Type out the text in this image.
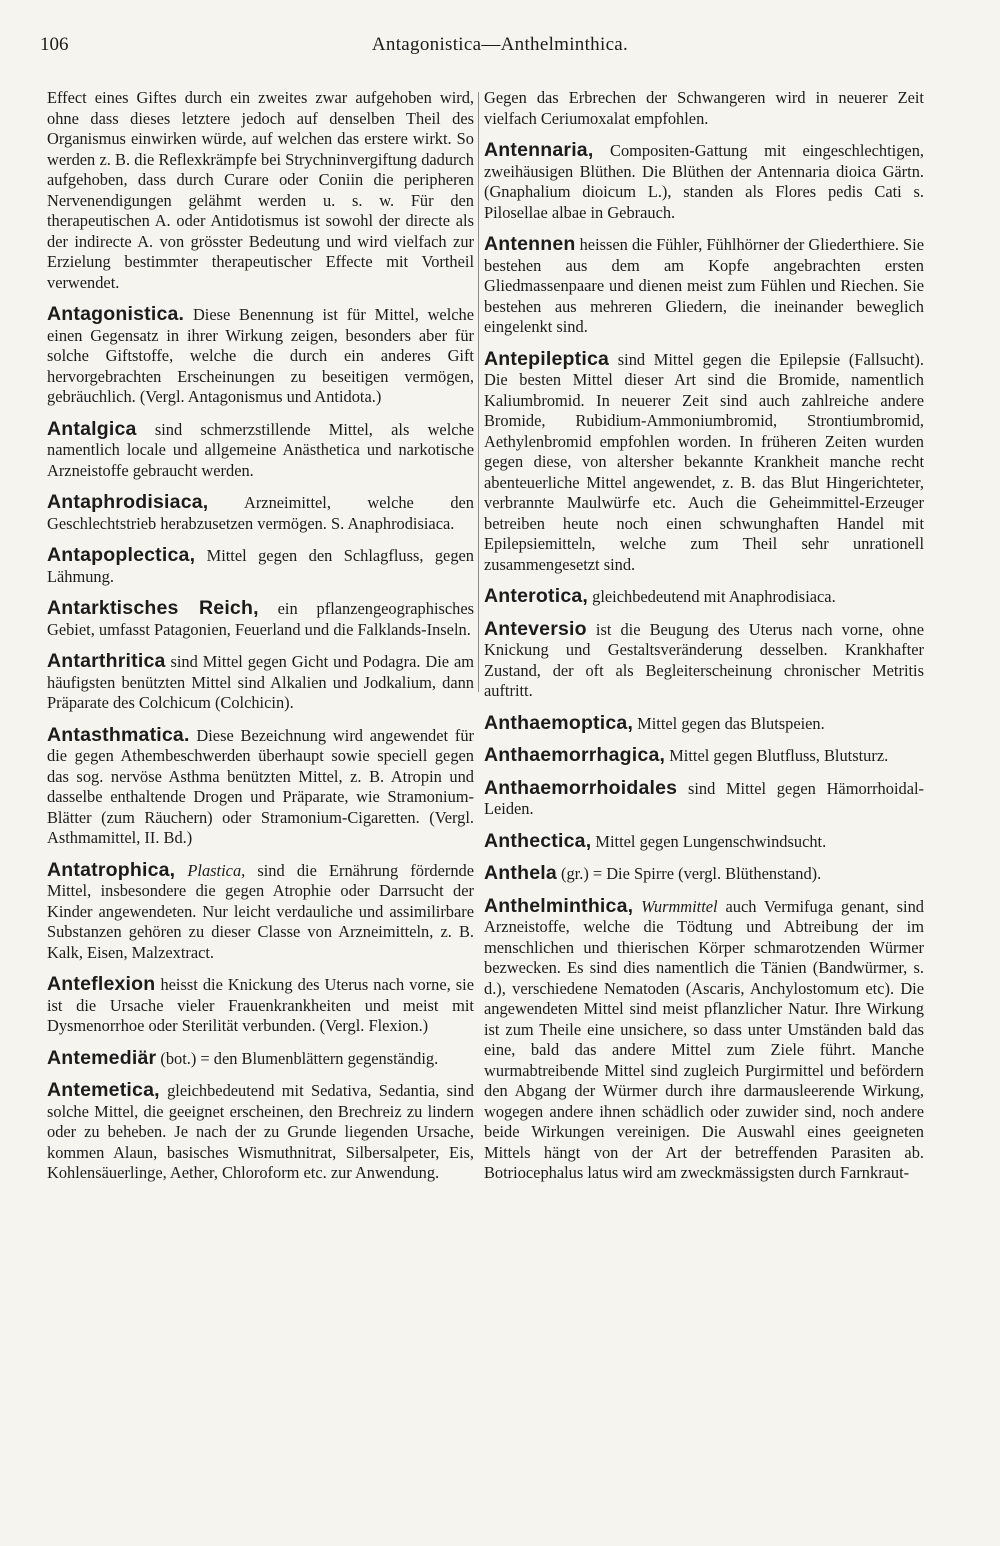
106	Antagonistica—Anthelminthica.

Effect eines Giftes durch ein zweites zwar aufgehoben wird, ohne dass dieses letztere jedoch auf denselben Theil des Organismus einwirken würde, auf welchen das erstere wirkt. So werden z. B. die Reflexkrämpfe bei Strychninvergiftung dadurch aufgehoben, dass durch Curare oder Coniin die peripheren Nervenendigungen gelähmt werden u. s. w. Für den therapeutischen A. oder Antidotismus ist sowohl der directe als der indirecte A. von grösster Bedeutung und wird vielfach zur Erzielung bestimmter therapeutischer Effecte mit Vortheil verwendet.

Antagonistica. Diese Benennung ist für Mittel, welche einen Gegensatz in ihrer Wirkung zeigen, besonders aber für solche Giftstoffe, welche die durch ein anderes Gift hervorgebrachten Erscheinungen zu beseitigen vermögen, gebräuchlich. (Vergl. Antagonismus und Antidota.)

Antalgica sind schmerzstillende Mittel, als welche namentlich locale und allgemeine Anästhetica und narkotische Arzneistoffe gebraucht werden.

Antaphrodisiaca, Arzneimittel, welche den Geschlechtstrieb herabzusetzen vermögen. S. Anaphrodisiaca.

Antapoplectica, Mittel gegen den Schlagfluss, gegen Lähmung.

Antarktisches Reich, ein pflanzengeographisches Gebiet, umfasst Patagonien, Feuerland und die Falklands-Inseln.

Antarthritica sind Mittel gegen Gicht und Podagra. Die am häufigsten benützten Mittel sind Alkalien und Jodkalium, dann Präparate des Colchicum (Colchicin).

Antasthmatica. Diese Bezeichnung wird angewendet für die gegen Athembeschwerden überhaupt sowie speciell gegen das sog. nervöse Asthma benützten Mittel, z. B. Atropin und dasselbe enthaltende Drogen und Präparate, wie Stramonium-Blätter (zum Räuchern) oder Stramonium-Cigaretten. (Vergl. Asthmamittel, II. Bd.)

Antatrophica, Plastica, sind die Ernährung fördernde Mittel, insbesondere die gegen Atrophie oder Darrsucht der Kinder angewendeten. Nur leicht verdauliche und assimilirbare Substanzen gehören zu dieser Classe von Arzneimitteln, z. B. Kalk, Eisen, Malzextract.

Anteflexion heisst die Knickung des Uterus nach vorne, sie ist die Ursache vieler Frauenkrankheiten und meist mit Dysmenorrhoe oder Sterilität verbunden. (Vergl. Flexion.)

Antemediär (bot.) = den Blumenblättern gegenständig.

Antemetica, gleichbedeutend mit Sedativa, Sedantia, sind solche Mittel, die geeignet erscheinen, den Brechreiz zu lindern oder zu beheben. Je nach der zu Grunde liegenden Ursache, kommen Alaun, basisches Wismuthnitrat, Silbersalpeter, Eis, Kohlensäuerlinge, Aether, Chloroform etc. zur Anwendung.

Gegen das Erbrechen der Schwangeren wird in neuerer Zeit vielfach Ceriumoxalat empfohlen.

Antennaria, Compositen-Gattung mit eingeschlechtigen, zweihäusigen Blüthen. Die Blüthen der Antennaria dioica Gärtn. (Gnaphalium dioicum L.), standen als Flores pedis Cati s. Pilosellae albae in Gebrauch.

Antennen heissen die Fühler, Fühlhörner der Gliederthiere. Sie bestehen aus dem am Kopfe angebrachten ersten Gliedmassenpaare und dienen meist zum Fühlen und Riechen. Sie bestehen aus mehreren Gliedern, die ineinander beweglich eingelenkt sind.

Antepileptica sind Mittel gegen die Epilepsie (Fallsucht). Die besten Mittel dieser Art sind die Bromide, namentlich Kaliumbromid. In neuerer Zeit sind auch zahlreiche andere Bromide, Rubidium-Ammoniumbromid, Strontiumbromid, Aethylenbromid empfohlen worden. In früheren Zeiten wurden gegen diese, von altersher bekannte Krankheit manche recht abenteuerliche Mittel angewendet, z. B. das Blut Hingerichteter, verbrannte Maulwürfe etc. Auch die Geheimmittel-Erzeuger betreiben heute noch einen schwunghaften Handel mit Epilepsiemitteln, welche zum Theil sehr unrationell zusammengesetzt sind.

Anterotica, gleichbedeutend mit Anaphrodisiaca.

Anteversio ist die Beugung des Uterus nach vorne, ohne Knickung und Gestaltsveränderung desselben. Krankhafter Zustand, der oft als Begleiterscheinung chronischer Metritis auftritt.

Anthaemoptica, Mittel gegen das Blutspeien.

Anthaemorrhagica, Mittel gegen Blutfluss, Blutsturz.

Anthaemorrhoidales sind Mittel gegen Hämorrhoidal-Leiden.

Anthectica, Mittel gegen Lungenschwindsucht.

Anthela (gr.) = Die Spirre (vergl. Blüthenstand).

Anthelminthica, Wurmmittel auch Vermifuga genant, sind Arzneistoffe, welche die Tödtung und Abtreibung der im menschlichen und thierischen Körper schmarotzenden Würmer bezwecken. Es sind dies namentlich die Tänien (Bandwürmer, s. d.), verschiedene Nematoden (Ascaris, Anchylostomum etc). Die angewendeten Mittel sind meist pflanzlicher Natur. Ihre Wirkung ist zum Theile eine unsichere, so dass unter Umständen bald das eine, bald das andere Mittel zum Ziele führt. Manche wurmabtreibende Mittel sind zugleich Purgirmittel und befördern den Abgang der Würmer durch ihre darmausleerende Wirkung, wogegen andere ihnen schädlich oder zuwider sind, noch andere beide Wirkungen vereinigen. Die Auswahl eines geeigneten Mittels hängt von der Art der betreffenden Parasiten ab. Botriocephalus latus wird am zweckmässigsten durch Farnkraut-
